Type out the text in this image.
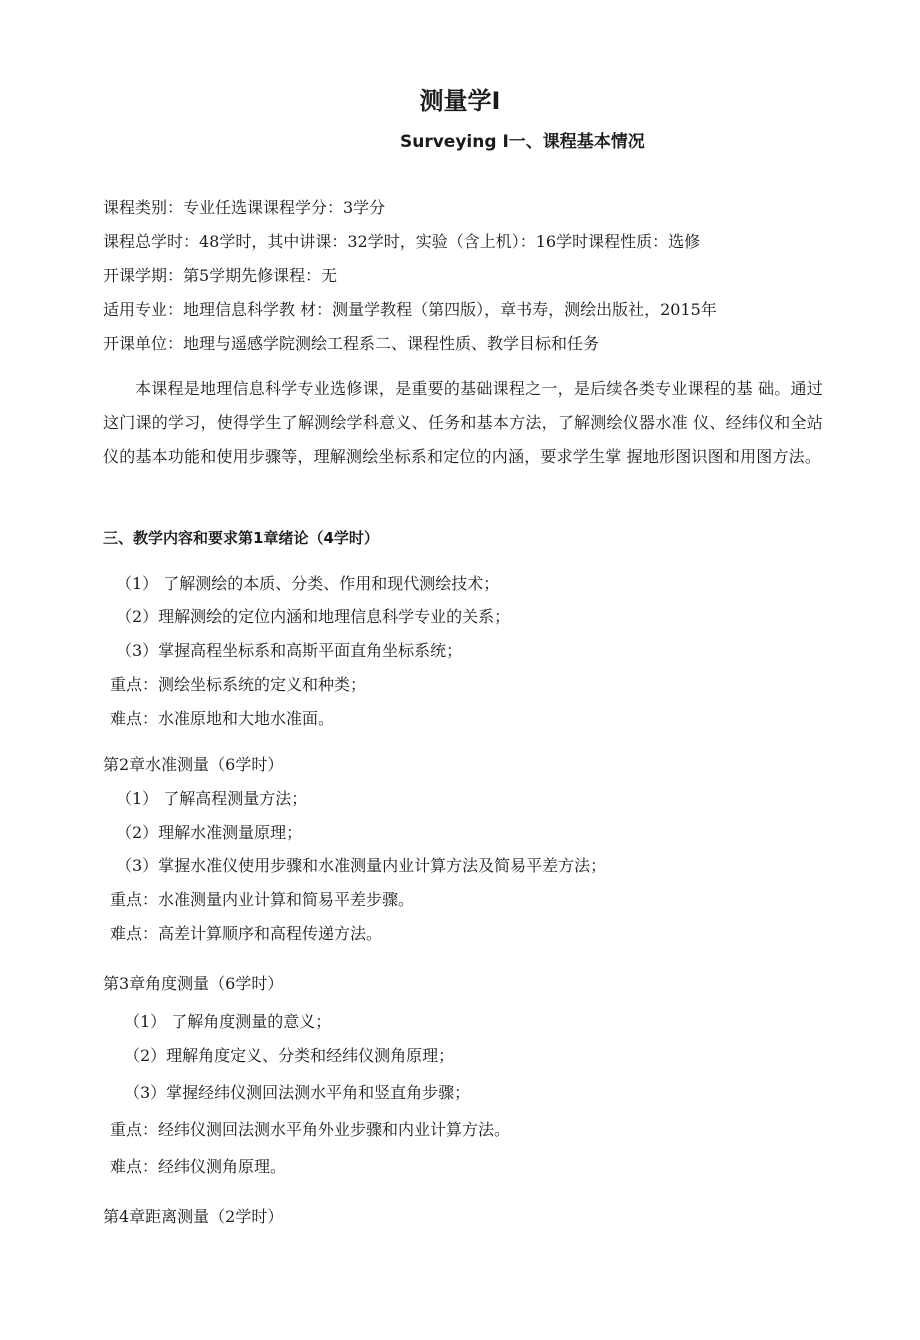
测量学I
Surveying I一、课程基本情况
课程类别：专业任选课课程学分：3学分
课程总学时：48学时，其中讲课：32学时，实验（含上机）：16学时课程性质：选修
开课学期：第5学期先修课程：无
适用专业：地理信息科学教 材：测量学教程（第四版），章书寿，测绘出版社，2015年
开课单位：地理与遥感学院测绘工程系二、课程性质、教学目标和任务
本课程是地理信息科学专业选修课，是重要的基础课程之一，是后续各类专业课程的基 础。通过这门课的学习，使得学生了解测绘学科意义、任务和基本方法，了解测绘仪器水准 仪、经纬仪和全站仪的基本功能和使用步骤等，理解测绘坐标系和定位的内涵，要求学生掌 握地形图识图和用图方法。
三、教学内容和要求第1章绪论（4学时）
（1） 了解测绘的本质、分类、作用和现代测绘技术；
（2）理解测绘的定位内涵和地理信息科学专业的关系；
（3）掌握高程坐标系和高斯平面直角坐标系统；
重点：测绘坐标系统的定义和种类；
难点：水准原地和大地水准面。
第2章水准测量（6学时）
（1） 了解高程测量方法；
（2）理解水准测量原理；
（3）掌握水准仪使用步骤和水准测量内业计算方法及简易平差方法；
重点：水准测量内业计算和简易平差步骤。
难点：高差计算顺序和高程传递方法。
第3章角度测量（6学时）
（1） 了解角度测量的意义；
（2）理解角度定义、分类和经纬仪测角原理；
（3）掌握经纬仪测回法测水平角和竖直角步骤；
重点：经纬仪测回法测水平角外业步骤和内业计算方法。
难点：经纬仪测角原理。
第4章距离测量（2学时）
